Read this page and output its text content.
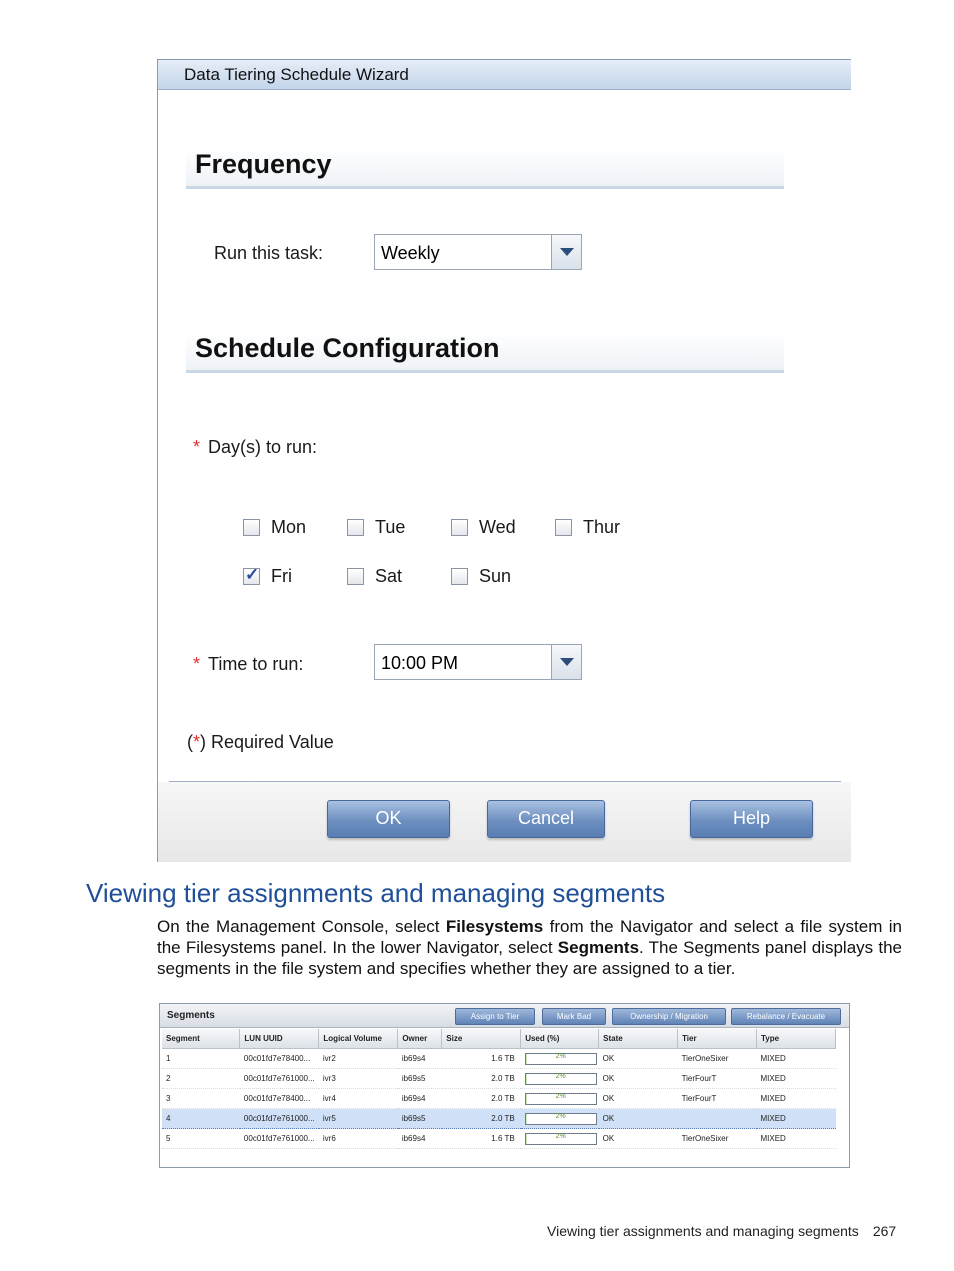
Data Tiering Schedule Wizard
Frequency
Run this task:	Weekly
Schedule Configuration
* Day(s) to run:
Mon	Tue	Wed	Thur
✓
Fri	Sat	Sun
* Time to run:	10:00 PM
(*) Required Value
OK	Cancel	Help
Viewing tier assignments and managing segments
On the Management Console, select Filesystems from the Navigator and select a file system in the Filesystems panel. In the lower Navigator, select Segments. The Segments panel displays the segments in the file system and specifies whether they are assigned to a tier.
Segments	Assign to Tier	Mark Bad	Ownership / Migration	Rebalance / Evacuate
Segment	LUN UUID	Logical Volume	Owner	Size	Used (%)	State	Tier	Type
1	00c01fd7e78400...	ivr2	ib69s4	1.6 TB	2%	OK	TierOneSixer	MIXED
2	00c01fd7e761000...	ivr3	ib69s5	2.0 TB	2%	OK	TierFourT	MIXED
3	00c01fd7e78400...	ivr4	ib69s4	2.0 TB	2%	OK	TierFourT	MIXED
4	00c01fd7e761000...	ivr5	ib69s5	2.0 TB	2%	OK		MIXED
5	00c01fd7e761000...	ivr6	ib69s4	1.6 TB	2%	OK	TierOneSixer	MIXED
Viewing tier assignments and managing segments 267
